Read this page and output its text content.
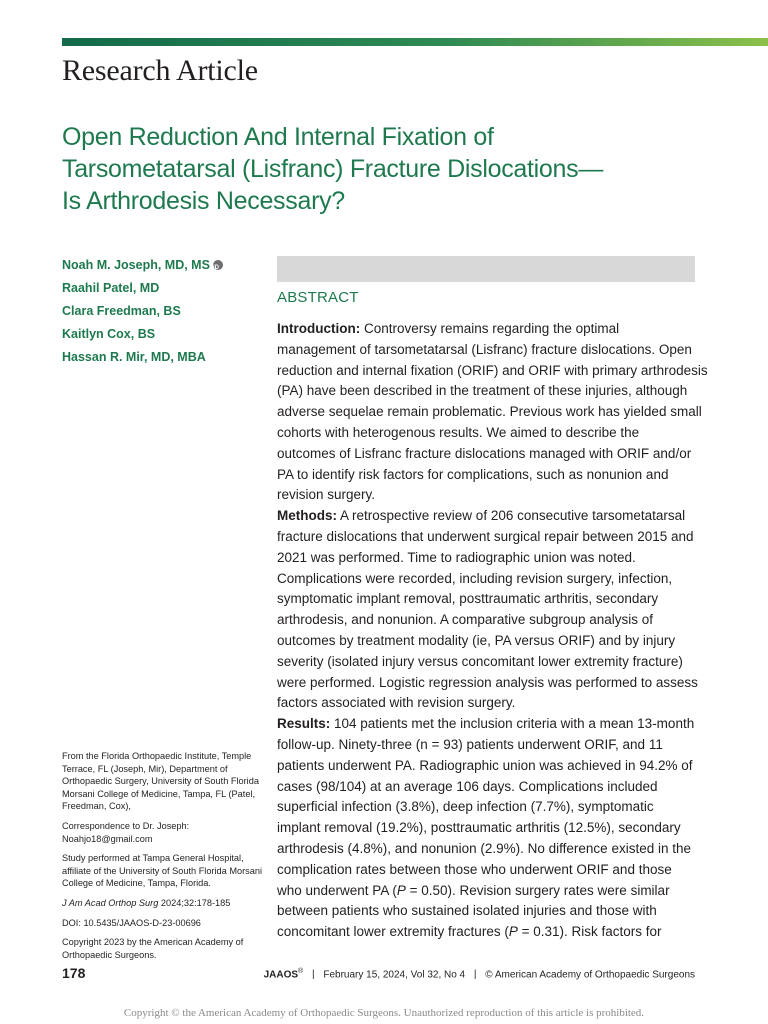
Research Article
Open Reduction And Internal Fixation of
Tarsometatarsal (Lisfranc) Fracture Dislocations—
Is Arthrodesis Necessary?
Noah M. Joseph, MD, MS iD
Raahil Patel, MD
Clara Freedman, BS
Kaitlyn Cox, BS
Hassan R. Mir, MD, MBA

From the Florida Orthopaedic Institute, Temple Terrace, FL (Joseph, Mir), Department of Orthopaedic Surgery, University of South Florida Morsani College of Medicine, Tampa, FL (Patel, Freedman, Cox),

Correspondence to Dr. Joseph: Noahjo18@gmail.com

Study performed at Tampa General Hospital, affiliate of the University of South Florida Morsani College of Medicine, Tampa, Florida.

J Am Acad Orthop Surg 2024;32:178-185

DOI: 10.5435/JAAOS-D-23-00696

Copyright 2023 by the American Academy of Orthopaedic Surgeons.

ABSTRACT
Introduction: Controversy remains regarding the optimal
management of tarsometatarsal (Lisfranc) fracture dislocations. Open
reduction and internal fixation (ORIF) and ORIF with primary arthrodesis
(PA) have been described in the treatment of these injuries, although
adverse sequelae remain problematic. Previous work has yielded small
cohorts with heterogenous results. We aimed to describe the
outcomes of Lisfranc fracture dislocations managed with ORIF and/or
PA to identify risk factors for complications, such as nonunion and
revision surgery.
Methods: A retrospective review of 206 consecutive tarsometatarsal
fracture dislocations that underwent surgical repair between 2015 and
2021 was performed. Time to radiographic union was noted.
Complications were recorded, including revision surgery, infection,
symptomatic implant removal, posttraumatic arthritis, secondary
arthrodesis, and nonunion. A comparative subgroup analysis of
outcomes by treatment modality (ie, PA versus ORIF) and by injury
severity (isolated injury versus concomitant lower extremity fracture)
were performed. Logistic regression analysis was performed to assess
factors associated with revision surgery.
Results: 104 patients met the inclusion criteria with a mean 13-month
follow-up. Ninety-three (n = 93) patients underwent ORIF, and 11
patients underwent PA. Radiographic union was achieved in 94.2% of
cases (98/104) at an average 106 days. Complications included
superficial infection (3.8%), deep infection (7.7%), symptomatic
implant removal (19.2%), posttraumatic arthritis (12.5%), secondary
arthrodesis (4.8%), and nonunion (2.9%). No difference existed in the
complication rates between those who underwent ORIF and those
who underwent PA (P = 0.50). Revision surgery rates were similar
between patients who sustained isolated injuries and those with
concomitant lower extremity fractures (P = 0.31). Risk factors for
178	JAAOS® | February 15, 2024, Vol 32, No 4 | © American Academy of Orthopaedic Surgeons
Copyright © the American Academy of Orthopaedic Surgeons. Unauthorized reproduction of this article is prohibited.
